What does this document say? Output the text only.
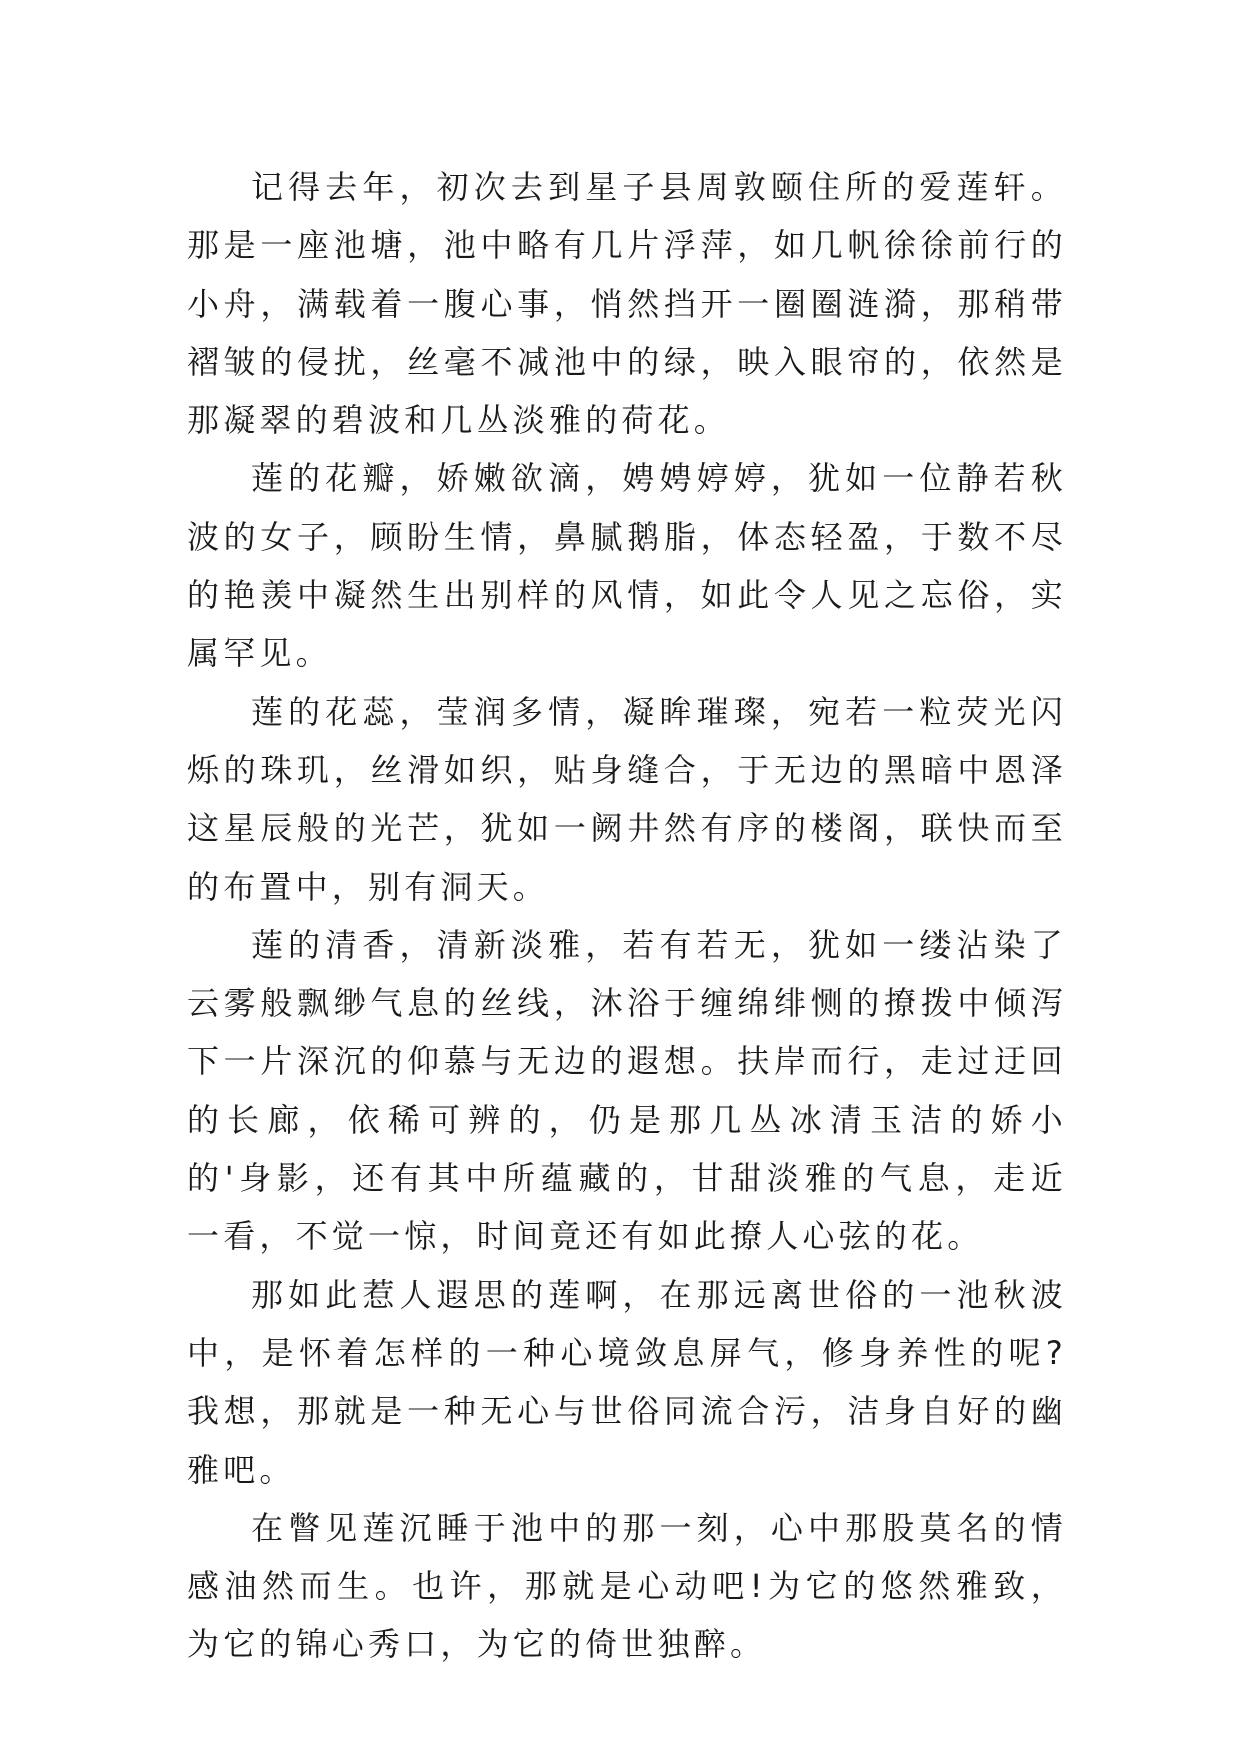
记得去年，初次去到星子县周敦颐住所的爱莲轩。那是一座池塘，池中略有几片浮萍，如几帆徐徐前行的小舟，满载着一腹心事，悄然挡开一圈圈涟漪，那稍带褶皱的侵扰，丝毫不减池中的绿，映入眼帘的，依然是那凝翠的碧波和几丛淡雅的荷花。

莲的花瓣，娇嫩欲滴，娉娉婷婷，犹如一位静若秋波的女子，顾盼生情，鼻腻鹅脂，体态轻盈，于数不尽的艳羡中凝然生出别样的风情，如此令人见之忘俗，实属罕见。

莲的花蕊，莹润多情，凝眸璀璨，宛若一粒荧光闪烁的珠玑，丝滑如织，贴身缝合，于无边的黑暗中恩泽这星辰般的光芒，犹如一阙井然有序的楼阁，联快而至的布置中，别有洞天。

莲的清香，清新淡雅，若有若无，犹如一缕沾染了云雾般飘缈气息的丝线，沐浴于缠绵绯恻的撩拨中倾泻下一片深沉的仰慕与无边的遐想。扶岸而行，走过迂回的长廊，依稀可辨的，仍是那几丛冰清玉洁的娇小的'身影，还有其中所蕴藏的，甘甜淡雅的气息，走近一看，不觉一惊，时间竟还有如此撩人心弦的花。

那如此惹人遐思的莲啊，在那远离世俗的一池秋波中，是怀着怎样的一种心境敛息屏气，修身养性的呢?我想，那就是一种无心与世俗同流合污，洁身自好的幽雅吧。

在瞥见莲沉睡于池中的那一刻，心中那股莫名的情感油然而生。也许，那就是心动吧!为它的悠然雅致，为它的锦心秀口，为它的倚世独醉。
